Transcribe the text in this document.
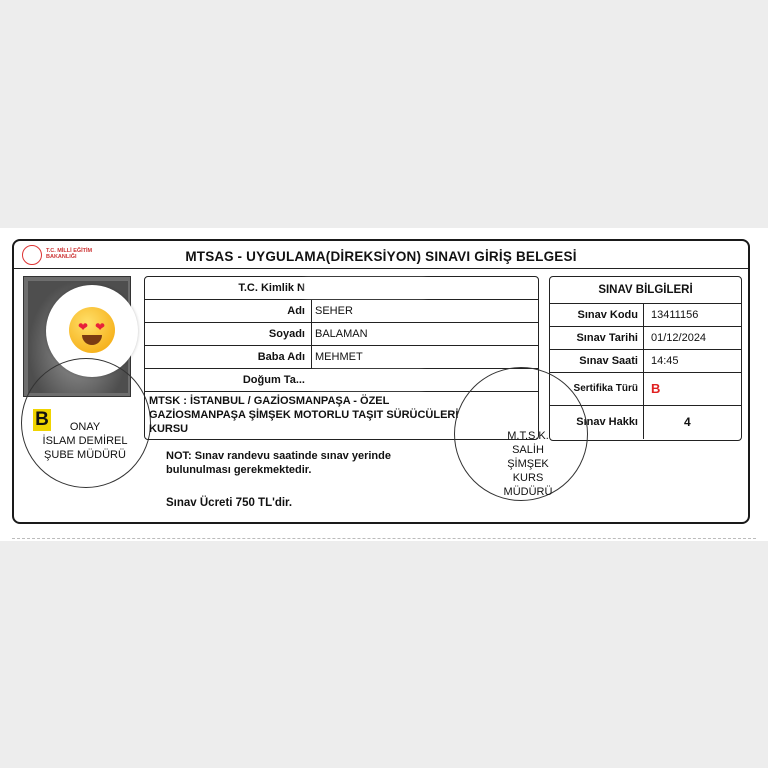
T.C. MİLLİ EĞİTİM BAKANLIĞI	MTSAS - UYGULAMA(DİREKSİYON) SINAVI GİRİŞ BELGESİ
❤ ❤
B	ONAY
İSLAM DEMİREL
ŞUBE MÜDÜRÜ
T.C. Kimlik N
Adı SEHER
Soyadı BALAMAN
Baba Adı MEHMET
Doğum Ta...
MTSK : İSTANBUL / GAZİOSMANPAŞA - ÖZEL GAZİOSMANPAŞA ŞİMŞEK MOTORLU TAŞIT SÜRÜCÜLERİ KURSU
SINAV BİLGİLERİ
Sınav Kodu 13411156
Sınav Tarihi 01/12/2024
Sınav Saati 14:45
Sertifika Türü B
Sınav Hakkı	4
NOT: Sınav randevu saatinde sınav yerinde bulunulması gerekmektedir.
Sınav Ücreti 750 TL'dir.
M.T.S.K.
SALİH
ŞİMŞEK
KURS
MÜDÜRÜ
